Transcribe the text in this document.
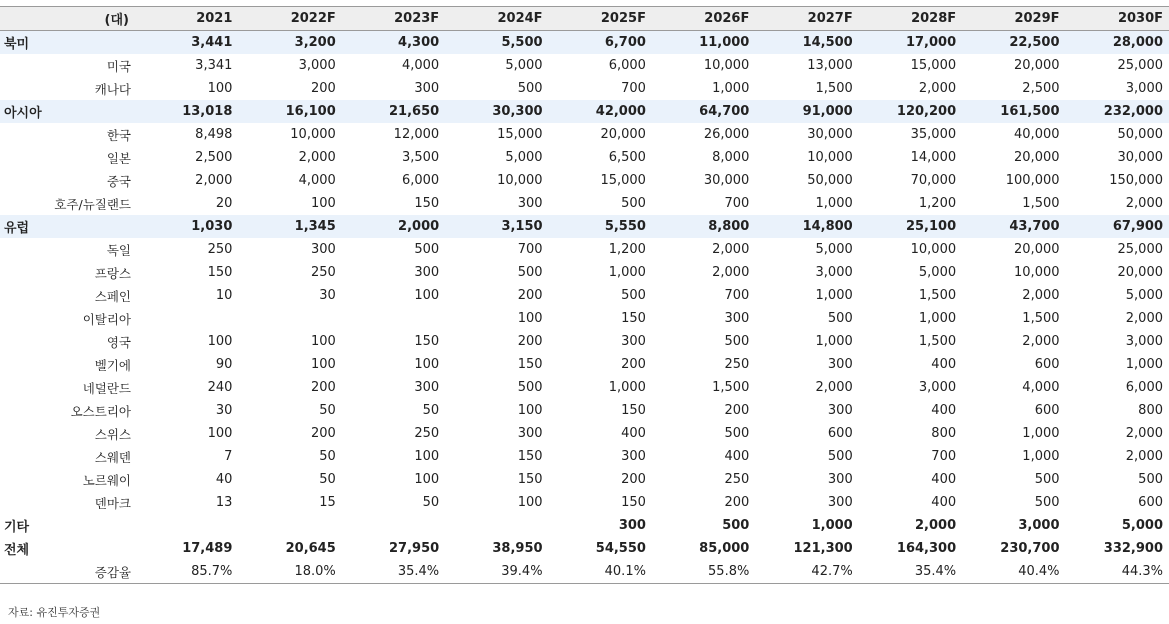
(대)	2021	2022F	2023F	2024F	2025F	2026F	2027F	2028F	2029F	2030F
북미	3,441	3,200	4,300	5,500	6,700	11,000	14,500	17,000	22,500	28,000
미국	3,341	3,000	4,000	5,000	6,000	10,000	13,000	15,000	20,000	25,000
캐나다	100	200	300	500	700	1,000	1,500	2,000	2,500	3,000
아시아	13,018	16,100	21,650	30,300	42,000	64,700	91,000	120,200	161,500	232,000
한국	8,498	10,000	12,000	15,000	20,000	26,000	30,000	35,000	40,000	50,000
일본	2,500	2,000	3,500	5,000	6,500	8,000	10,000	14,000	20,000	30,000
중국	2,000	4,000	6,000	10,000	15,000	30,000	50,000	70,000	100,000	150,000
호주/뉴질랜드	20	100	150	300	500	700	1,000	1,200	1,500	2,000
유럽	1,030	1,345	2,000	3,150	5,550	8,800	14,800	25,100	43,700	67,900
독일	250	300	500	700	1,200	2,000	5,000	10,000	20,000	25,000
프랑스	150	250	300	500	1,000	2,000	3,000	5,000	10,000	20,000
스페인	10	30	100	200	500	700	1,000	1,500	2,000	5,000
이탈리아				100	150	300	500	1,000	1,500	2,000
영국	100	100	150	200	300	500	1,000	1,500	2,000	3,000
벨기에	90	100	100	150	200	250	300	400	600	1,000
네덜란드	240	200	300	500	1,000	1,500	2,000	3,000	4,000	6,000
오스트리아	30	50	50	100	150	200	300	400	600	800
스위스	100	200	250	300	400	500	600	800	1,000	2,000
스웨덴	7	50	100	150	300	400	500	700	1,000	2,000
노르웨이	40	50	100	150	200	250	300	400	500	500
덴마크	13	15	50	100	150	200	300	400	500	600
기타					300	500	1,000	2,000	3,000	5,000
전체	17,489	20,645	27,950	38,950	54,550	85,000	121,300	164,300	230,700	332,900
증감율	85.7%	18.0%	35.4%	39.4%	40.1%	55.8%	42.7%	35.4%	40.4%	44.3%
자료: 유진투자증권
